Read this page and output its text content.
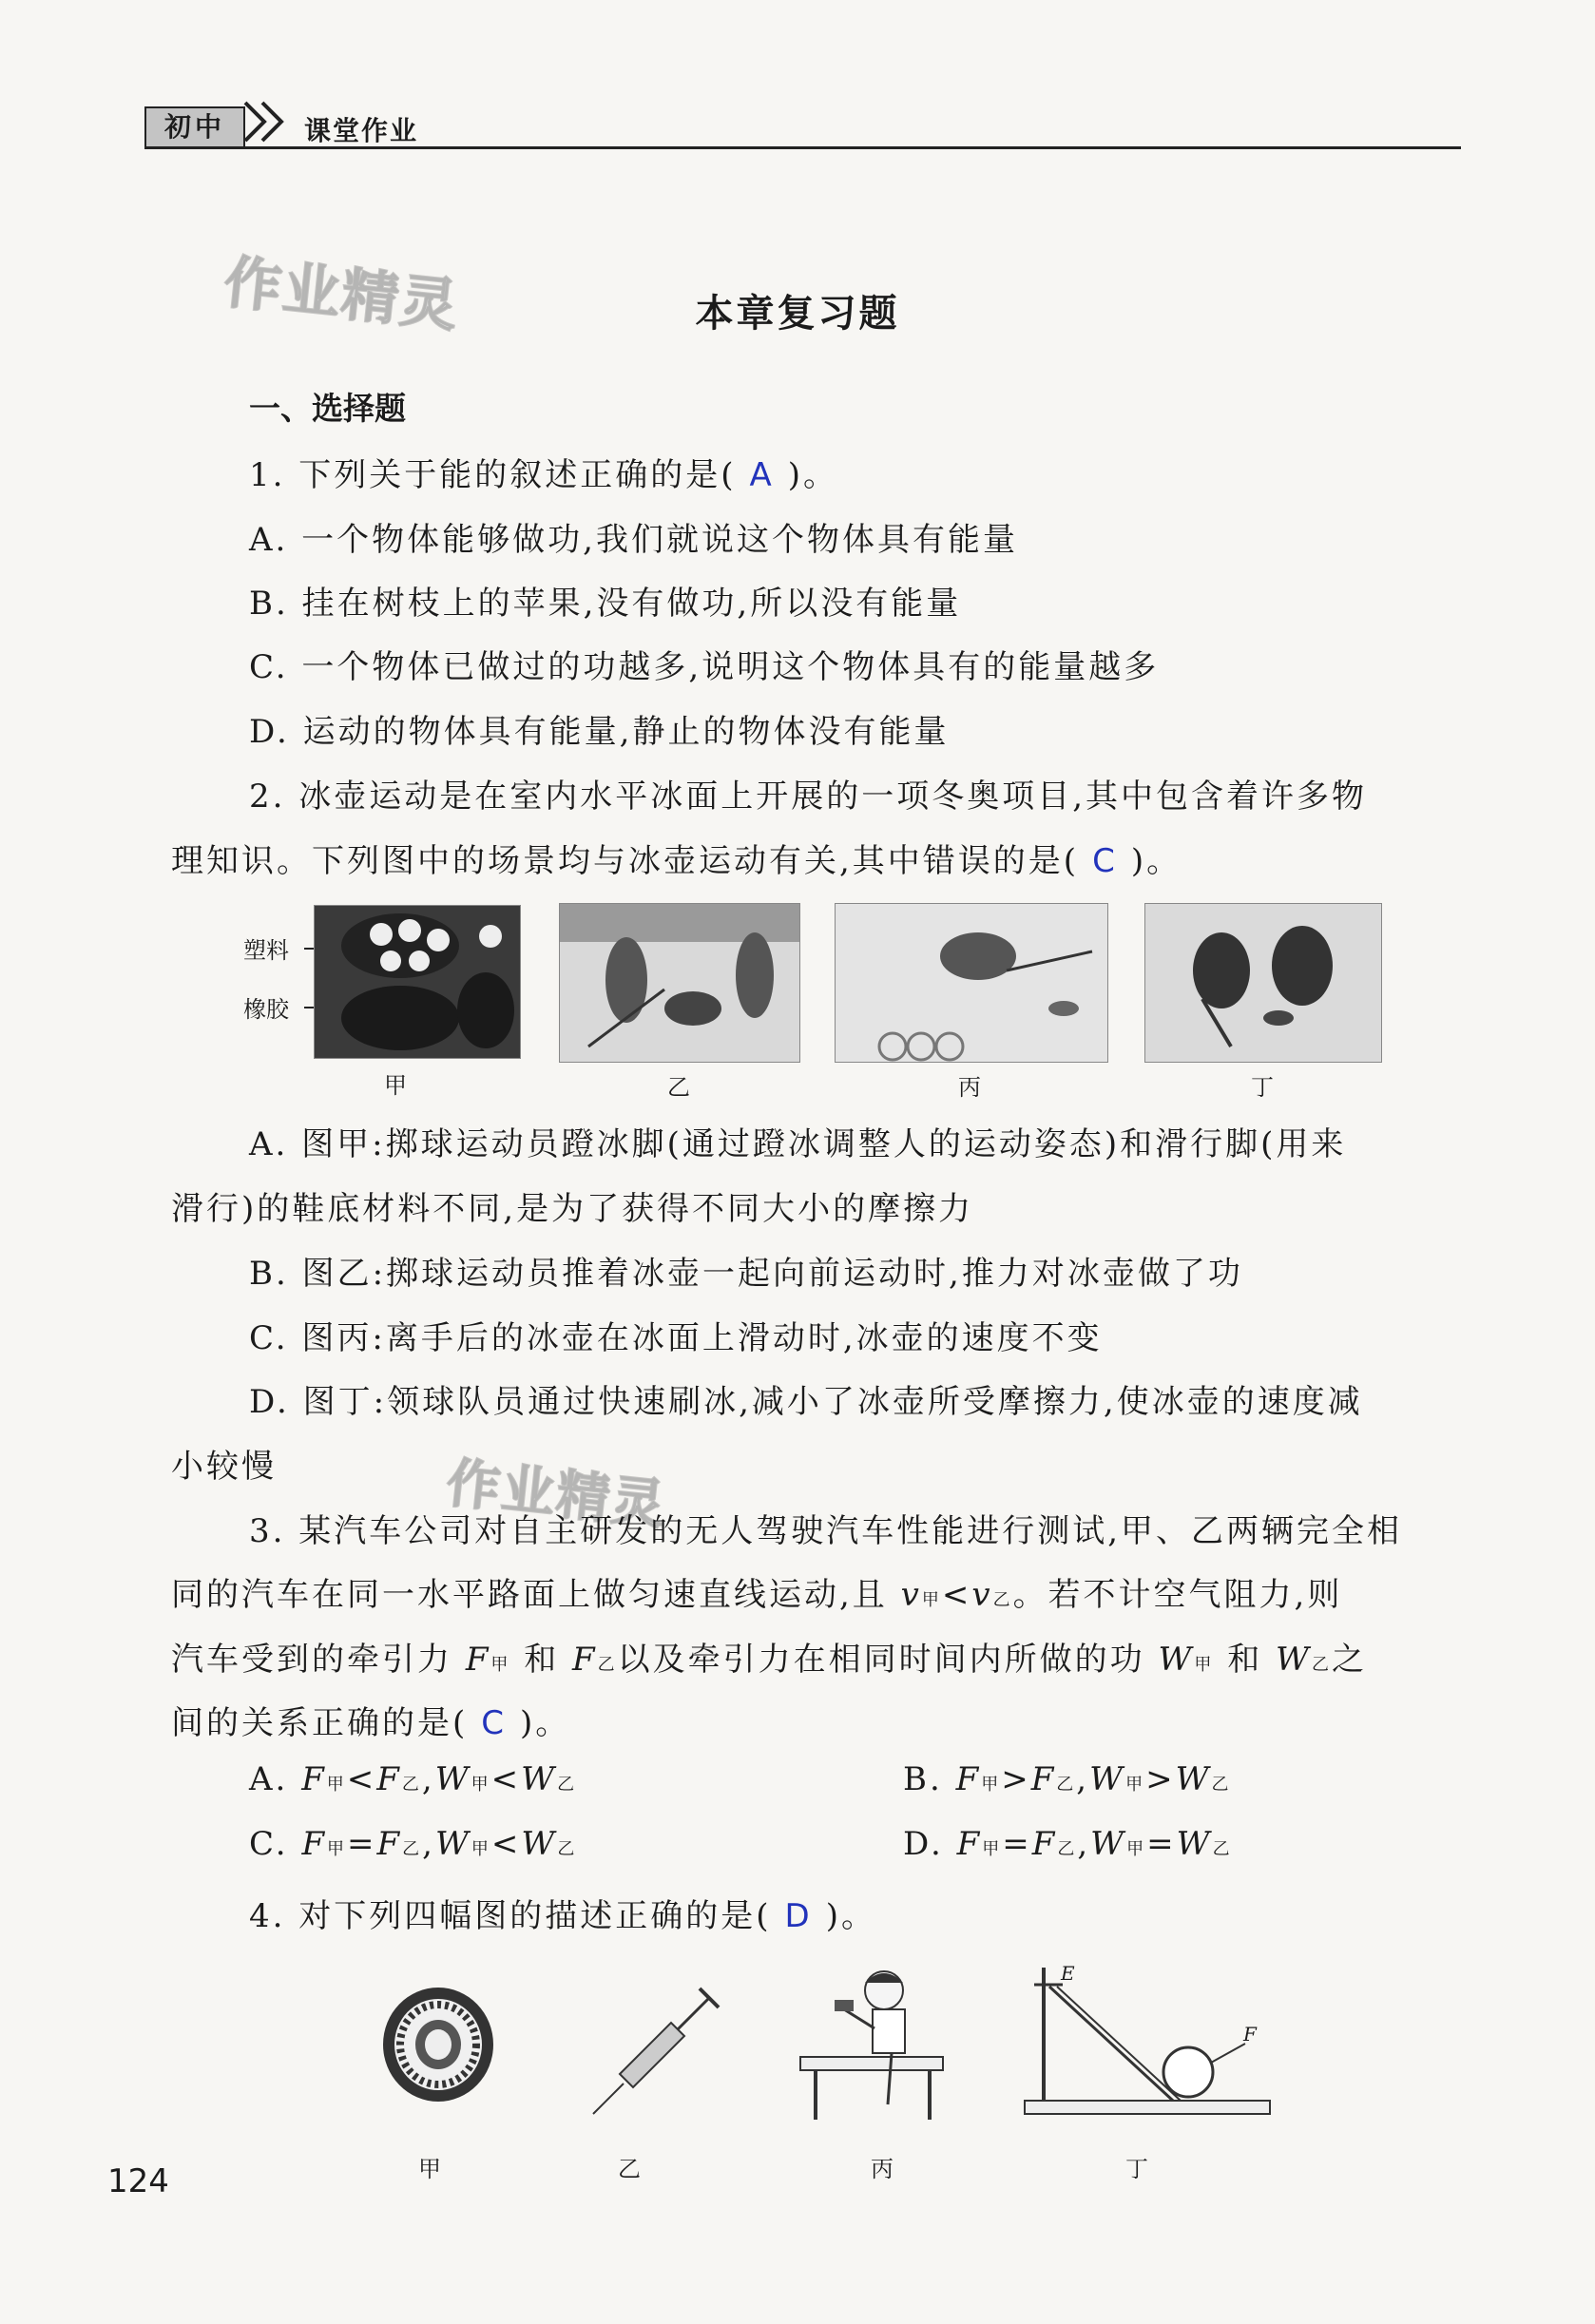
初中	课堂作业
作业精灵
作业精灵
本章复习题
一、选择题
1. 下列关于能的叙述正确的是( A )。
A. 一个物体能够做功,我们就说这个物体具有能量
B. 挂在树枝上的苹果,没有做功,所以没有能量
C. 一个物体已做过的功越多,说明这个物体具有的能量越多
D. 运动的物体具有能量,静止的物体没有能量
2. 冰壶运动是在室内水平冰面上开展的一项冬奥项目,其中包含着许多物
理知识。下列图中的场景均与冰壶运动有关,其中错误的是( C )。
塑料
橡胶
甲	乙	丙	丁
A. 图甲:掷球运动员蹬冰脚(通过蹬冰调整人的运动姿态)和滑行脚(用来
滑行)的鞋底材料不同,是为了获得不同大小的摩擦力
B. 图乙:掷球运动员推着冰壶一起向前运动时,推力对冰壶做了功
C. 图丙:离手后的冰壶在冰面上滑动时,冰壶的速度不变
D. 图丁:领球队员通过快速刷冰,减小了冰壶所受摩擦力,使冰壶的速度减
小较慢
3. 某汽车公司对自主研发的无人驾驶汽车性能进行测试,甲、乙两辆完全相
同的汽车在同一水平路面上做匀速直线运动,且 v甲<v乙。若不计空气阻力,则
汽车受到的牵引力 F甲 和 F乙以及牵引力在相同时间内所做的功 W甲 和 W乙之
间的关系正确的是( C )。
A. F甲<F乙,W甲<W乙	B. F甲>F乙,W甲>W乙
C. F甲=F乙,W甲<W乙	D. F甲=F乙,W甲=W乙
4. 对下列四幅图的描述正确的是( D )。
E
F
甲	乙	丙	丁
124
